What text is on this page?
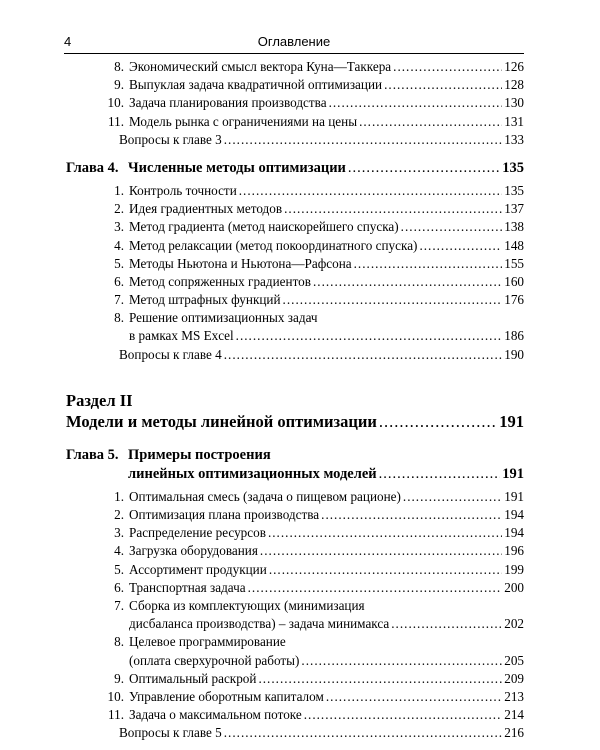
4	Оглавление
8. Экономический смысл вектора Куна—Таккера .....	126
9. Выпуклая задача квадратичной оптимизации .....	128
10. Задача планирования производства .....	130
11. Модель рынка с ограничениями на цены .....	131
Вопросы к главе 3 .....	133
Глава 4. Численные методы оптимизации .....	135
1. Контроль точности .....	135
2. Идея градиентных методов .....	137
3. Метод градиента (метод наискорейшего спуска) .....	138
4. Метод релаксации (метод покоординатного спуска) .....	148
5. Методы Ньютона и Ньютона—Рафсона .....	155
6. Метод сопряженных градиентов .....	160
7. Метод штрафных функций .....	176
8. Решение оптимизационных задач
в рамках MS Excel .....	186
Вопросы к главе 4 .....	190
Раздел II
Модели и методы линейной оптимизации .....	191
Глава 5. Примеры построения
линейных оптимизационных моделей .....	191
1. Оптимальная смесь (задача о пищевом рационе) .....	191
2. Оптимизация плана производства .....	194
3. Распределение ресурсов .....	194
4. Загрузка оборудования .....	196
5. Ассортимент продукции .....	199
6. Транспортная задача .....	200
7. Сборка из комплектующих (минимизация
дисбаланса производства) – задача минимакса .....	202
8. Целевое программирование
(оплата сверхурочной работы) .....	205
9. Оптимальный раскрой .....	209
10. Управление оборотным капиталом .....	213
11. Задача о максимальном потоке .....	214
Вопросы к главе 5 .....	216
